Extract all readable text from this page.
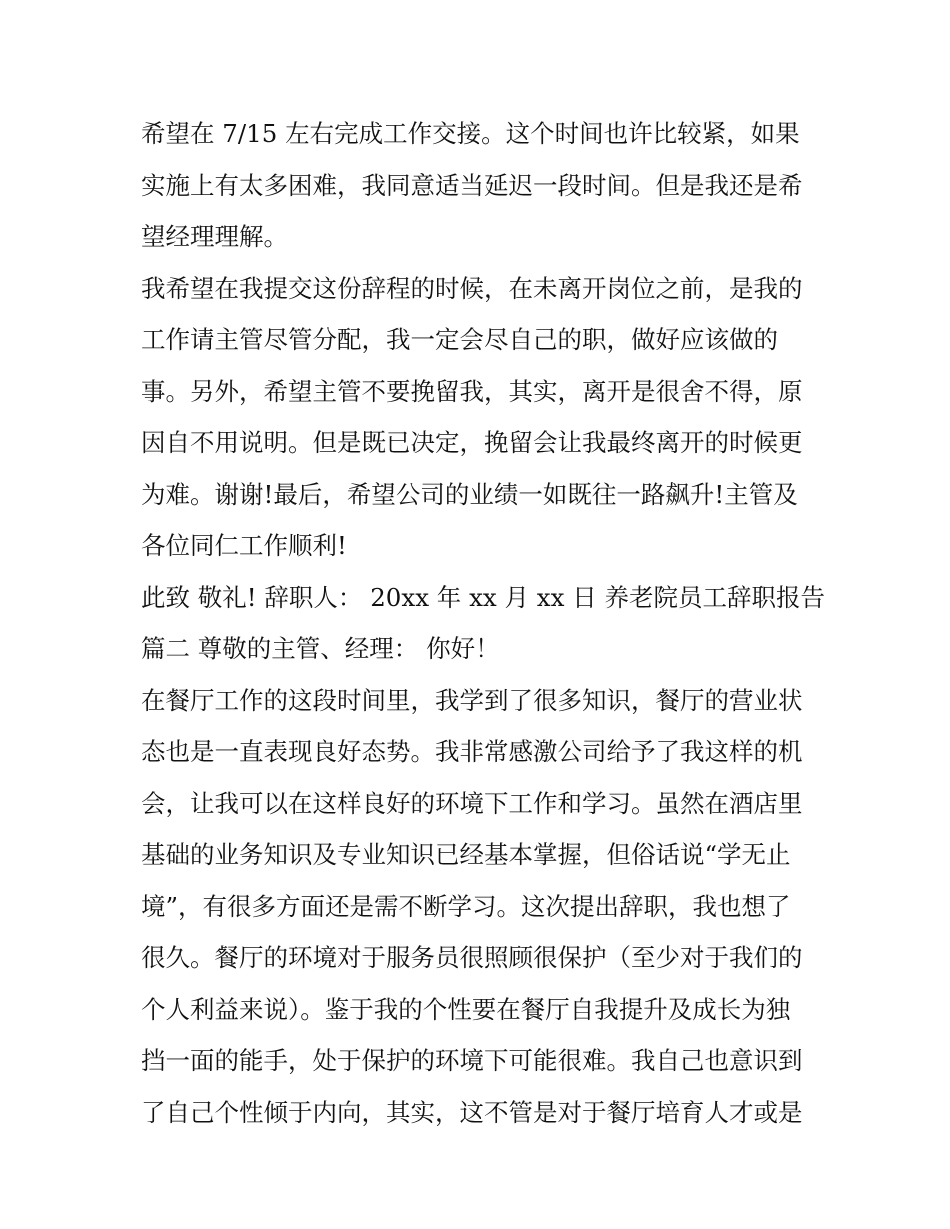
希望在 7/15 左右完成工作交接。这个时间也许比较紧，如果
实施上有太多困难，我同意适当延迟一段时间。但是我还是希
望经理理解。
我希望在我提交这份辞程的时候，在未离开岗位之前，是我的
工作请主管尽管分配，我一定会尽自己的职，做好应该做的
事。另外，希望主管不要挽留我，其实，离开是很舍不得，原
因自不用说明。但是既已决定，挽留会让我最终离开的时候更
为难。谢谢!最后，希望公司的业绩一如既往一路飙升!主管及
各位同仁工作顺利!
此致 敬礼! 辞职人： 20xx 年 xx 月 xx 日 养老院员工辞职报告
篇二 尊敬的主管、经理： 你好！
在餐厅工作的这段时间里，我学到了很多知识，餐厅的营业状
态也是一直表现良好态势。我非常感激公司给予了我这样的机
会，让我可以在这样良好的环境下工作和学习。虽然在酒店里
基础的业务知识及专业知识已经基本掌握，但俗话说“学无止
境”，有很多方面还是需不断学习。这次提出辞职，我也想了
很久。餐厅的环境对于服务员很照顾很保护（至少对于我们的
个人利益来说）。鉴于我的个性要在餐厅自我提升及成长为独
挡一面的能手，处于保护的环境下可能很难。我自己也意识到
了自己个性倾于内向，其实，这不管是对于餐厅培育人才或是
